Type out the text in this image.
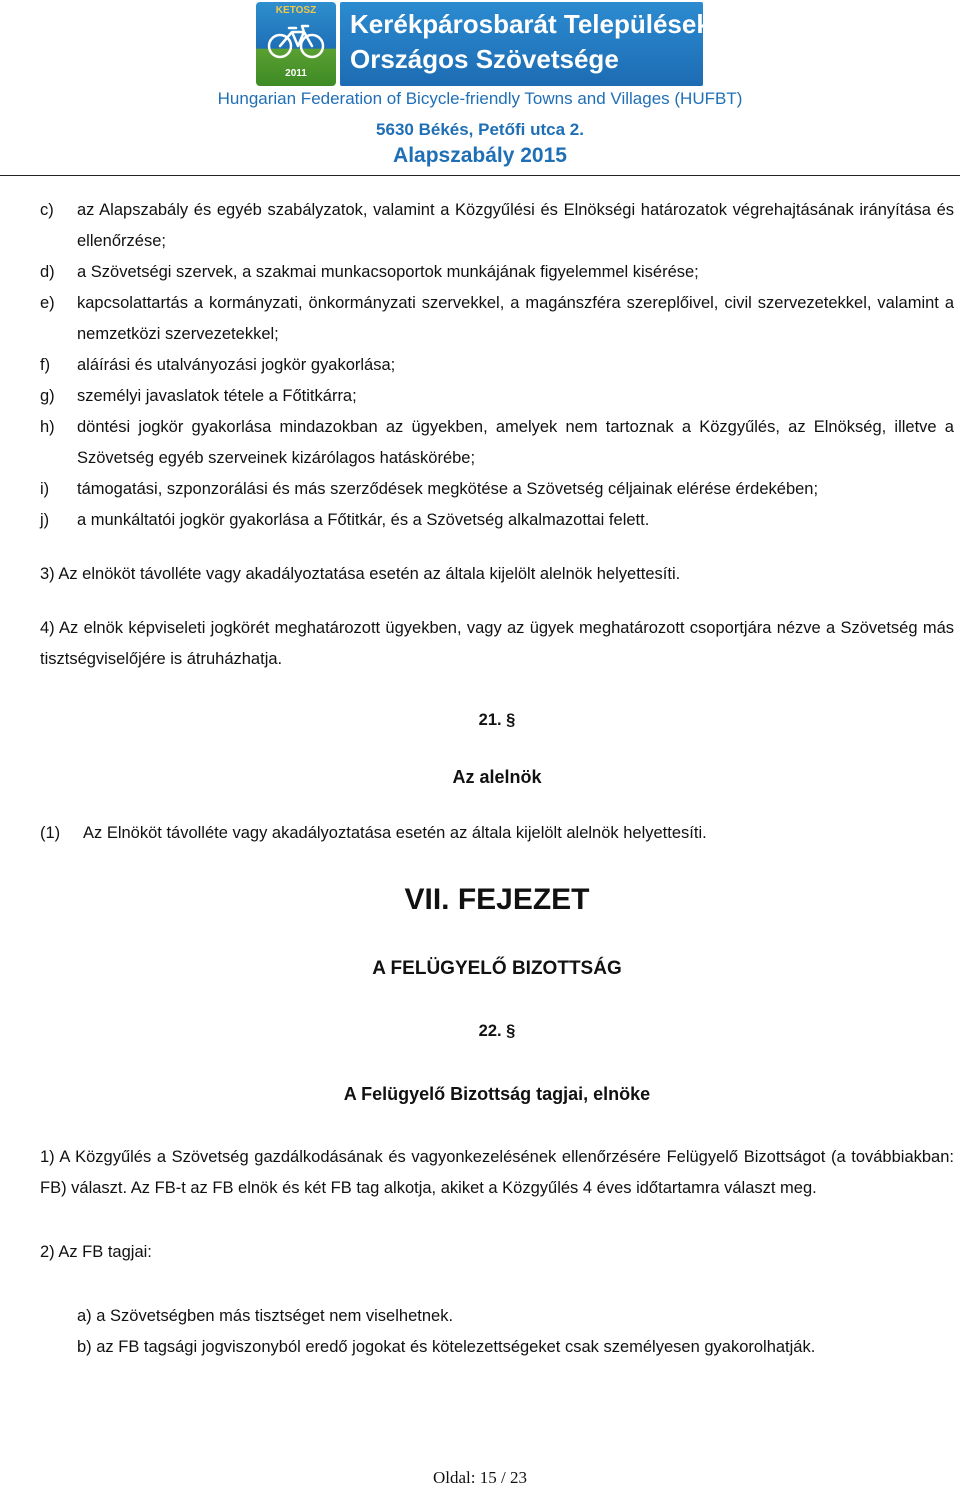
KETOSZ
2011
Kerékpárosbarát Települések
Országos Szövetsége
Hungarian Federation of Bicycle-friendly Towns and Villages (HUFBT)
5630 Békés, Petőfi utca 2.
Alapszabály 2015
c) az Alapszabály és egyéb szabályzatok, valamint a Közgyűlési és Elnökségi határozatok végrehajtásának irányítása és ellenőrzése;
d) a Szövetségi szervek, a szakmai munkacsoportok munkájának figyelemmel kisérése;
e) kapcsolattartás a kormányzati, önkormányzati szervekkel, a magánszféra szereplőivel, civil szervezetekkel, valamint a nemzetközi szervezetekkel;
f) aláírási és utalványozási jogkör gyakorlása;
g) személyi javaslatok tétele a Főtitkárra;
h) döntési jogkör gyakorlása mindazokban az ügyekben, amelyek nem tartoznak a Közgyűlés, az Elnökség, illetve a Szövetség egyéb szerveinek kizárólagos hatáskörébe;
i) támogatási, szponzorálási és más szerződések megkötése a Szövetség céljainak elérése érdekében;
j) a munkáltatói jogkör gyakorlása a Főtitkár, és a Szövetség alkalmazottai felett.

3) Az elnököt távolléte vagy akadályoztatása esetén az általa kijelölt alelnök helyettesíti.

4) Az elnök képviseleti jogkörét meghatározott ügyekben, vagy az ügyek meghatározott csoportjára nézve a Szövetség más tisztségviselőjére is átruházhatja.

21. §
Az alelnök
(1) Az Elnököt távolléte vagy akadályoztatása esetén az általa kijelölt alelnök helyettesíti.
VII. FEJEZET
A FELÜGYELŐ BIZOTTSÁG
22. §
A Felügyelő Bizottság tagjai, elnöke

1) A Közgyűlés a Szövetség gazdálkodásának és vagyonkezelésének ellenőrzésére Felügyelő Bizottságot (a továbbiakban: FB) választ. Az FB-t az FB elnök és két FB tag alkotja, akiket a Közgyűlés 4 éves időtartamra választ meg.

2) Az FB tagjai:

a) a Szövetségben más tisztséget nem viselhetnek.
b) az FB tagsági jogviszonyból eredő jogokat és kötelezettségeket csak személyesen gyakorolhatják.
Oldal: 15 / 23
